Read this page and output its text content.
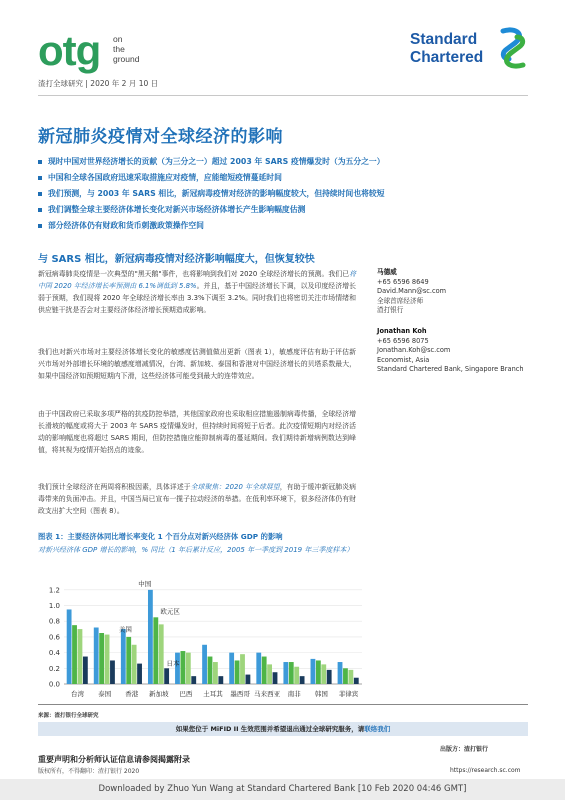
otg on
the
ground
Standard
Chartered
渣打全球研究 | 2020 年 2 月 10 日
新冠肺炎疫情对全球经济的影响
现时中国对世界经济增长的贡献（为三分之一）超过 2003 年 SARS 疫情爆发时（为五分之一）
中国和全球各国政府迅速采取措施应对疫情，应能缩短疫情蔓延时间
我们预测，与 2003 年 SARS 相比，新冠病毒疫情对经济的影响幅度较大，但持续时间也将较短
我们调整全球主要经济体增长变化对新兴市场经济体增长产生影响幅度估测
部分经济体仍有财政和货币刺激政策操作空间
与 SARS 相比，新冠病毒疫情对经济影响幅度大，但恢复较快
新冠病毒肺炎疫情是一次典型的"黑天鹅"事件，也将影响到我们对 2020 全球经济增长的预测。我们已将中国 2020 年经济增长率预测由 6.1%调低到 5.8%。并且，基于中国经济增长下调，以及印度经济增长弱于预期，我们现将 2020 年全球经济增长率由 3.3%下调至 3.2%。同时我们也将密切关注市场情绪和供应链干扰是否会对主要经济体经济增长预期造成影响。
我们也对新兴市场对主要经济体增长变化的敏感度估测值做出更新（图表 1），敏感度评估有助于评估新兴市场对外部增长环境的敏感度增减情况，台湾、新加坡、泰国和香港对中国经济增长的贝塔系数最大，如果中国经济如预期短期内下滑，这些经济体可能受到最大的连带效应。
由于中国政府已采取多项严格的抗疫防控举措，其他国家政府也采取相应措施遏制病毒传播，全球经济增长滑坡的幅度或将大于 2003 年 SARS 疫情爆发时，但持续时间将短于后者。此次疫情短期内对经济活动的影响幅度也将超过 SARS 期间，但防控措施应能抑制病毒的蔓延期间。我们期待新增病例数达到峰值，将其视为疫情开始拐点的迹象。
我们预计全球经济在两周将积极因素，具体详述于全球聚焦：2020 年全球展望，有助于缓冲新冠肺炎病毒带来的负面冲击。并且，中国当局已宣布一揽子拉动经济的举措。在低利率环境下，很多经济体仍有财政支出扩大空间（图表 8）。
马德威
+65 6596 8649
David.Mann@sc.com
全球首席经济师
渣打银行
Jonathan Koh
+65 6596 8075
Jonathan.Koh@sc.com
Economist, Asia
Standard Chartered Bank, Singapore Branch
图表 1：主要经济体同比增长率变化 1 个百分点对新兴经济体 GDP 的影响
对新兴经济体 GDP 增长的影响，% 同比（1 年后累计反应，2005 年一季度到 2019 年三季度样本）
0.0
0.2
0.4
0.6
0.8
1.0
1.2
台湾 泰国 香港 新加坡 巴西 土耳其 墨西哥 马来西亚 南非 韩国 菲律宾
中国
欧元区
美国
日本
来源：渣打银行全球研究
如果您位于 MiFID II 生效范围并希望退出通过全球研究服务，请联络我们
出版方：渣打银行
重要声明和分析师认证信息请参阅揭露附录
版权所有，不得翻印：渣打银行 2020	https://research.sc.com
Downloaded by Zhuo Yun Wang at Standard Chartered Bank [10 Feb 2020 04:46 GMT]
